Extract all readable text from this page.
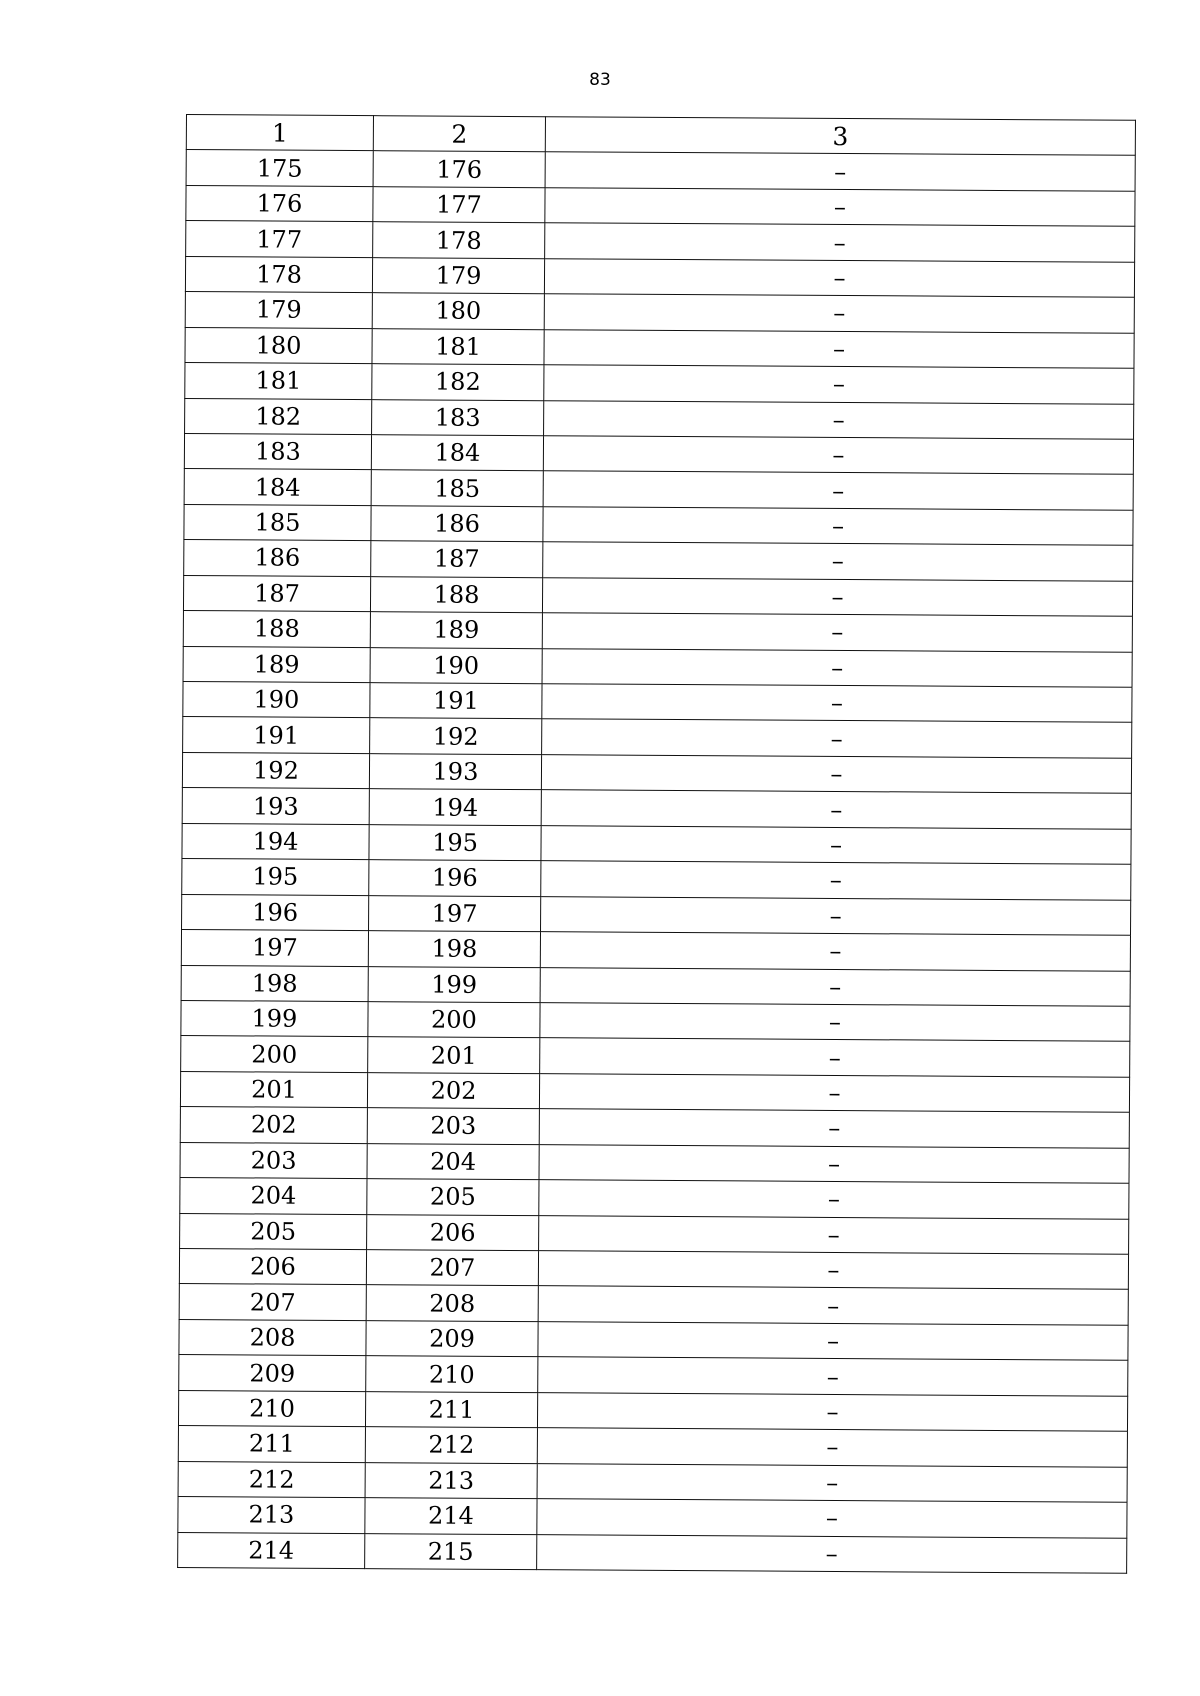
83
1	2	3
175	176	–
176	177	–
177	178	–
178	179	–
179	180	–
180	181	–
181	182	–
182	183	–
183	184	–
184	185	–
185	186	–
186	187	–
187	188	–
188	189	–
189	190	–
190	191	–
191	192	–
192	193	–
193	194	–
194	195	–
195	196	–
196	197	–
197	198	–
198	199	–
199	200	–
200	201	–
201	202	–
202	203	–
203	204	–
204	205	–
205	206	–
206	207	–
207	208	–
208	209	–
209	210	–
210	211	–
211	212	–
212	213	–
213	214	–
214	215	–
